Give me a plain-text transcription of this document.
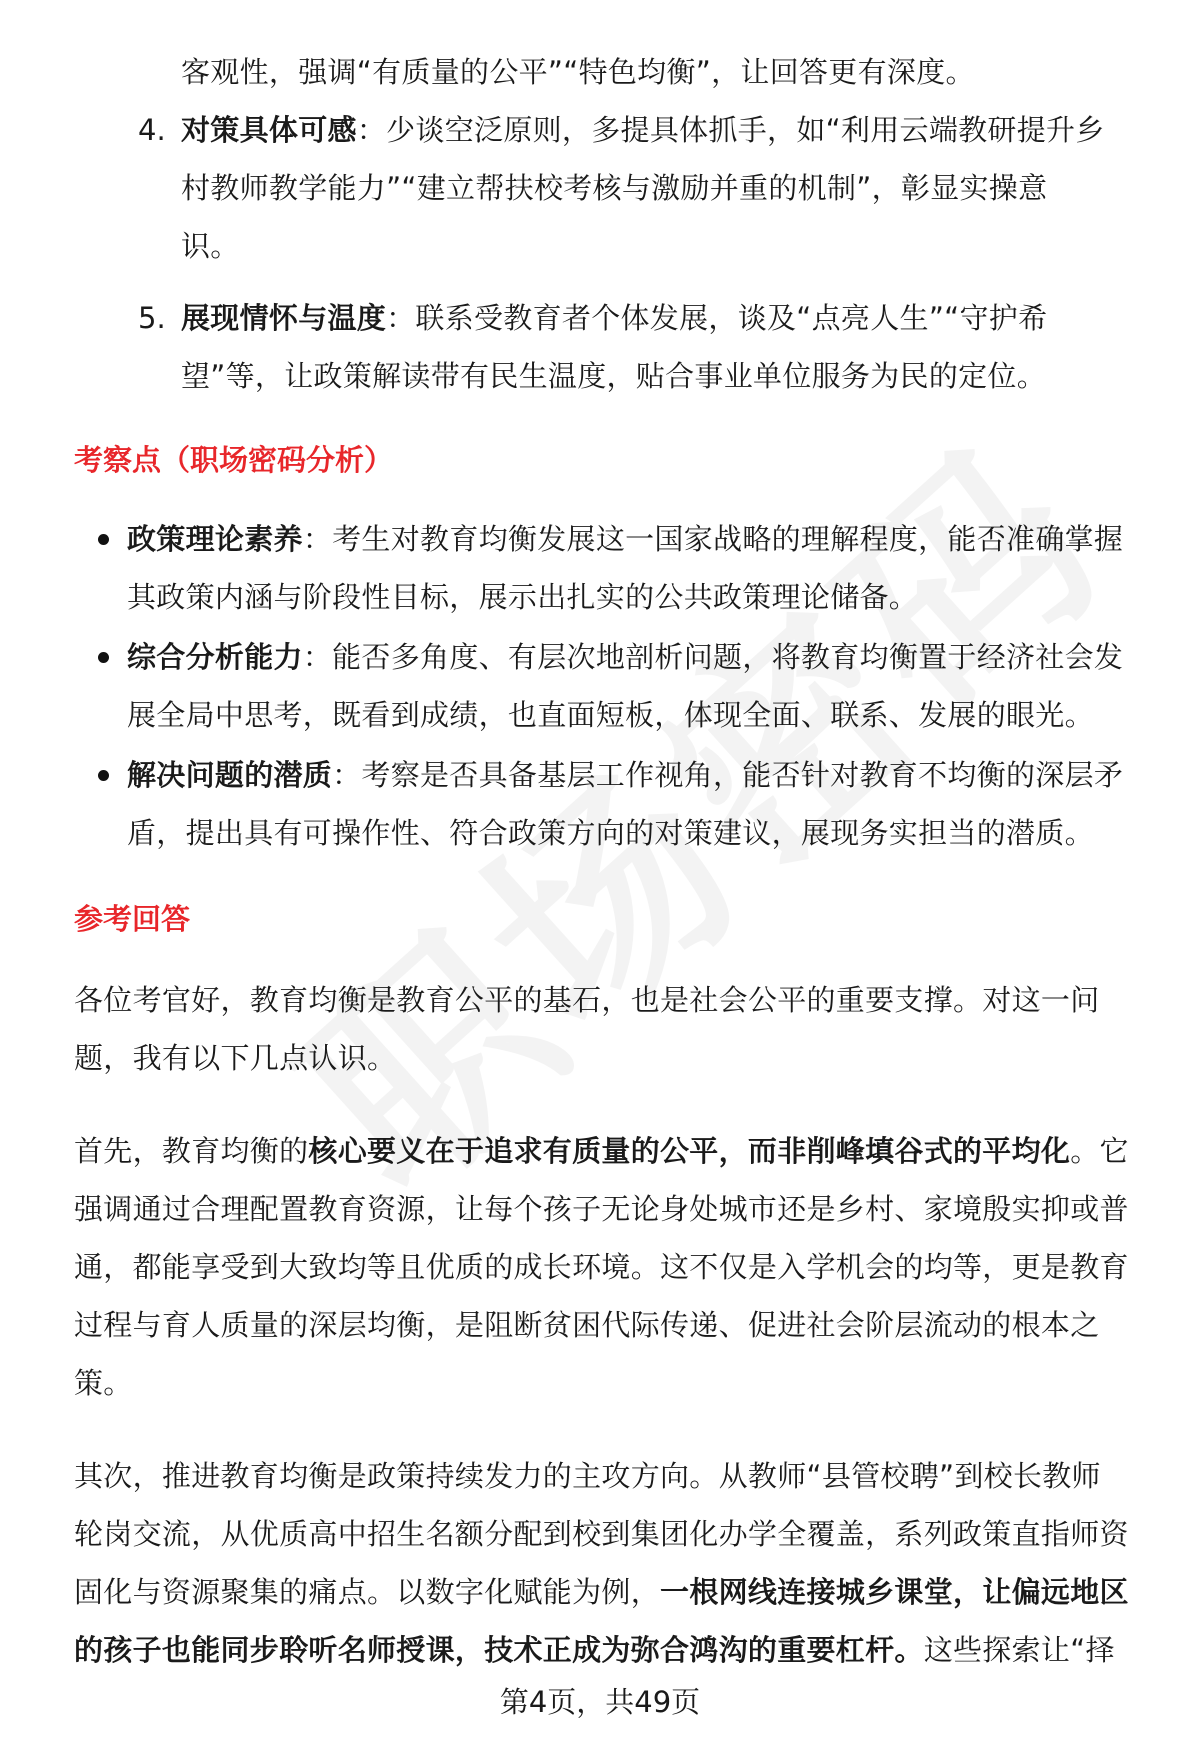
客观性，强调“有质量的公平”“特色均衡”，让回答更有深度。
4. 对策具体可感：少谈空泛原则，多提具体抓手，如“利用云端教研提升乡
村教师教学能力”“建立帮扶校考核与激励并重的机制”，彰显实操意
识。
5. 展现情怀与温度：联系受教育者个体发展，谈及“点亮人生”“守护希
望”等，让政策解读带有民生温度，贴合事业单位服务为民的定位。
考察点（职场密码分析）
政策理论素养：考生对教育均衡发展这一国家战略的理解程度，能否准确掌握
其政策内涵与阶段性目标，展示出扎实的公共政策理论储备。
综合分析能力：能否多角度、有层次地剖析问题，将教育均衡置于经济社会发
展全局中思考，既看到成绩，也直面短板，体现全面、联系、发展的眼光。
解决问题的潜质：考察是否具备基层工作视角，能否针对教育不均衡的深层矛
盾，提出具有可操作性、符合政策方向的对策建议，展现务实担当的潜质。
参考回答
各位考官好，教育均衡是教育公平的基石，也是社会公平的重要支撑。对这一问
题，我有以下几点认识。
首先，教育均衡的核心要义在于追求有质量的公平，而非削峰填谷式的平均化。它
强调通过合理配置教育资源，让每个孩子无论身处城市还是乡村、家境殷实抑或普
通，都能享受到大致均等且优质的成长环境。这不仅是入学机会的均等，更是教育
过程与育人质量的深层均衡，是阻断贫困代际传递、促进社会阶层流动的根本之
策。
其次，推进教育均衡是政策持续发力的主攻方向。从教师“县管校聘”到校长教师
轮岗交流，从优质高中招生名额分配到校到集团化办学全覆盖，系列政策直指师资
固化与资源聚集的痛点。以数字化赋能为例，一根网线连接城乡课堂，让偏远地区
的孩子也能同步聆听名师授课，技术正成为弥合鸿沟的重要杠杆。这些探索让“择
第4页，共49页
